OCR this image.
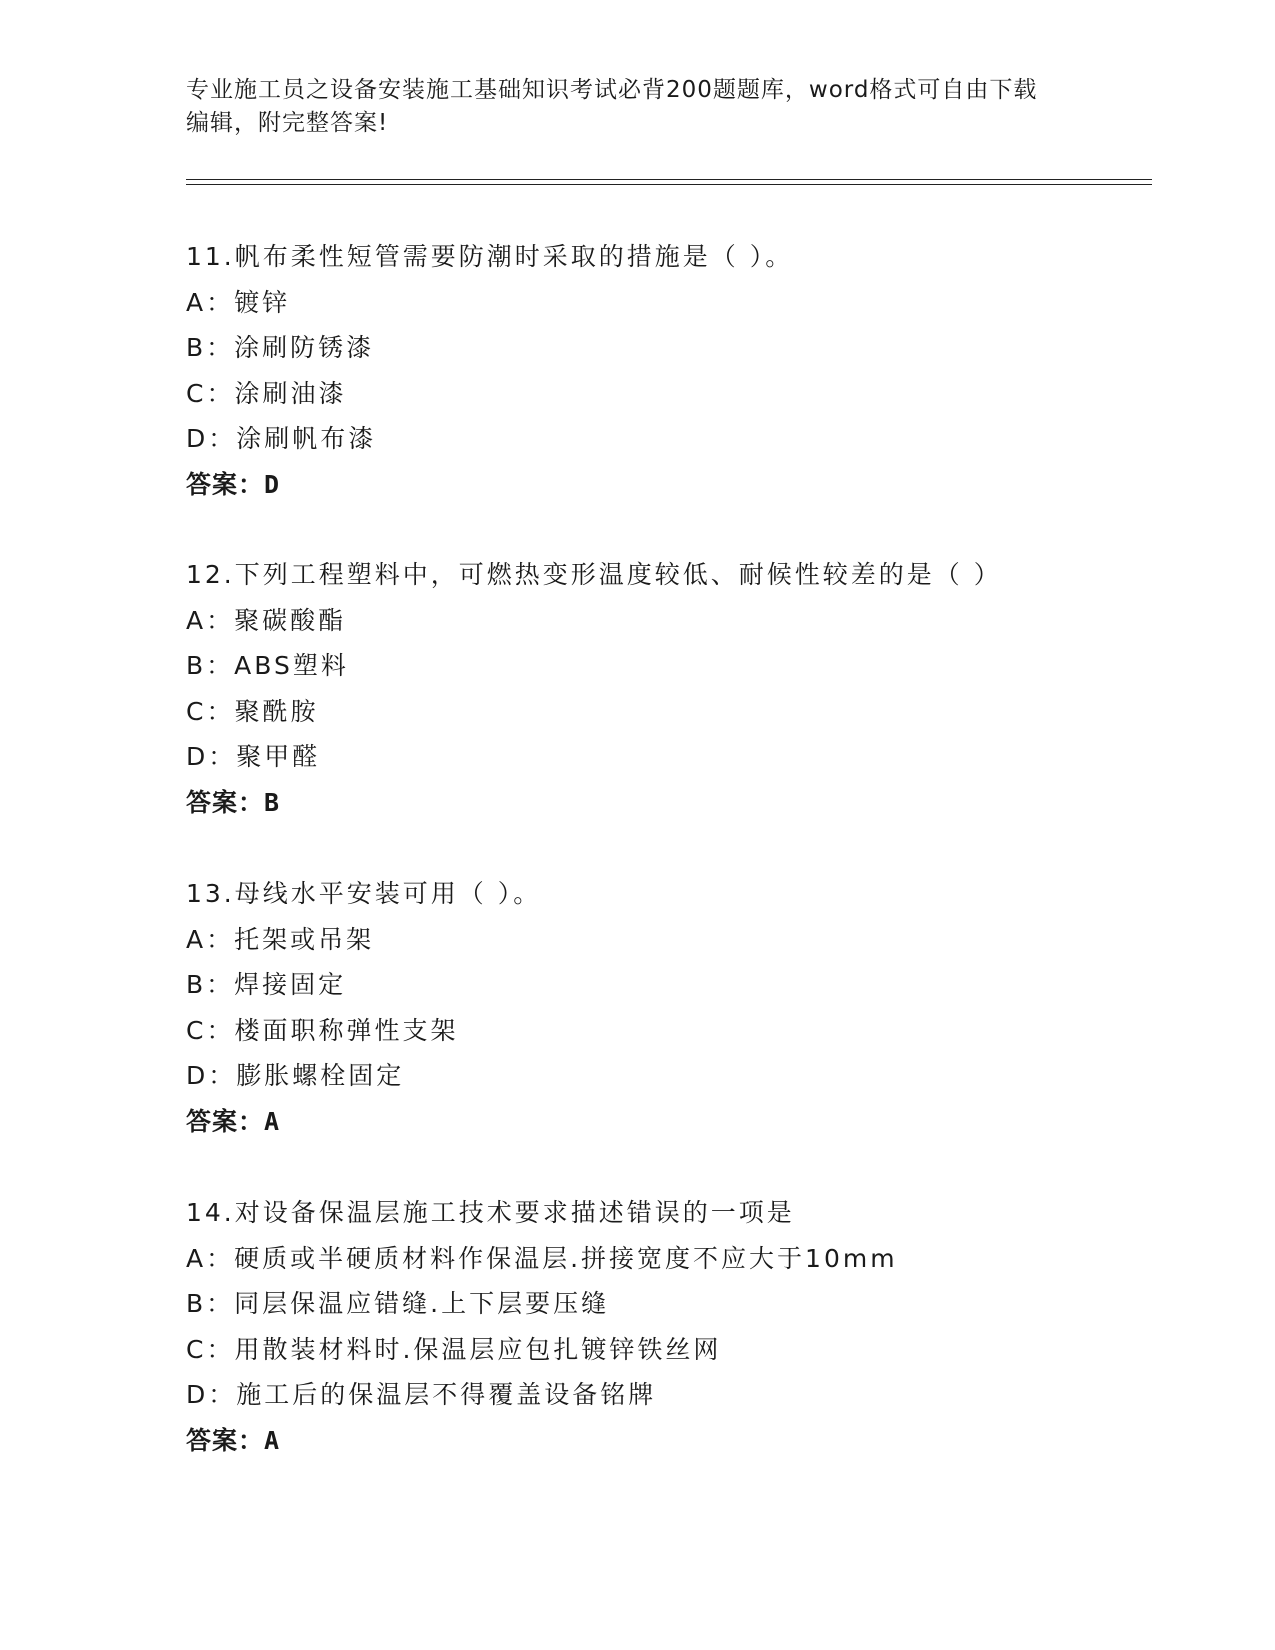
专业施工员之设备安装施工基础知识考试必背200题题库，word格式可自由下载
编辑，附完整答案!
11.帆布柔性短管需要防潮时采取的措施是（ ）。
A：镀锌
B：涂刷防锈漆
C：涂刷油漆
D：涂刷帆布漆
答案：D
12.下列工程塑料中，可燃热变形温度较低、耐候性较差的是（ ）
A：聚碳酸酯
B：ABS塑料
C：聚酰胺
D：聚甲醛
答案：B
13.母线水平安装可用（ ）。
A：托架或吊架
B：焊接固定
C：楼面职称弹性支架
D：膨胀螺栓固定
答案：A
14.对设备保温层施工技术要求描述错误的一项是
A：硬质或半硬质材料作保温层.拼接宽度不应大于10mm
B：同层保温应错缝.上下层要压缝
C：用散装材料时.保温层应包扎镀锌铁丝网
D：施工后的保温层不得覆盖设备铭牌
答案：A
